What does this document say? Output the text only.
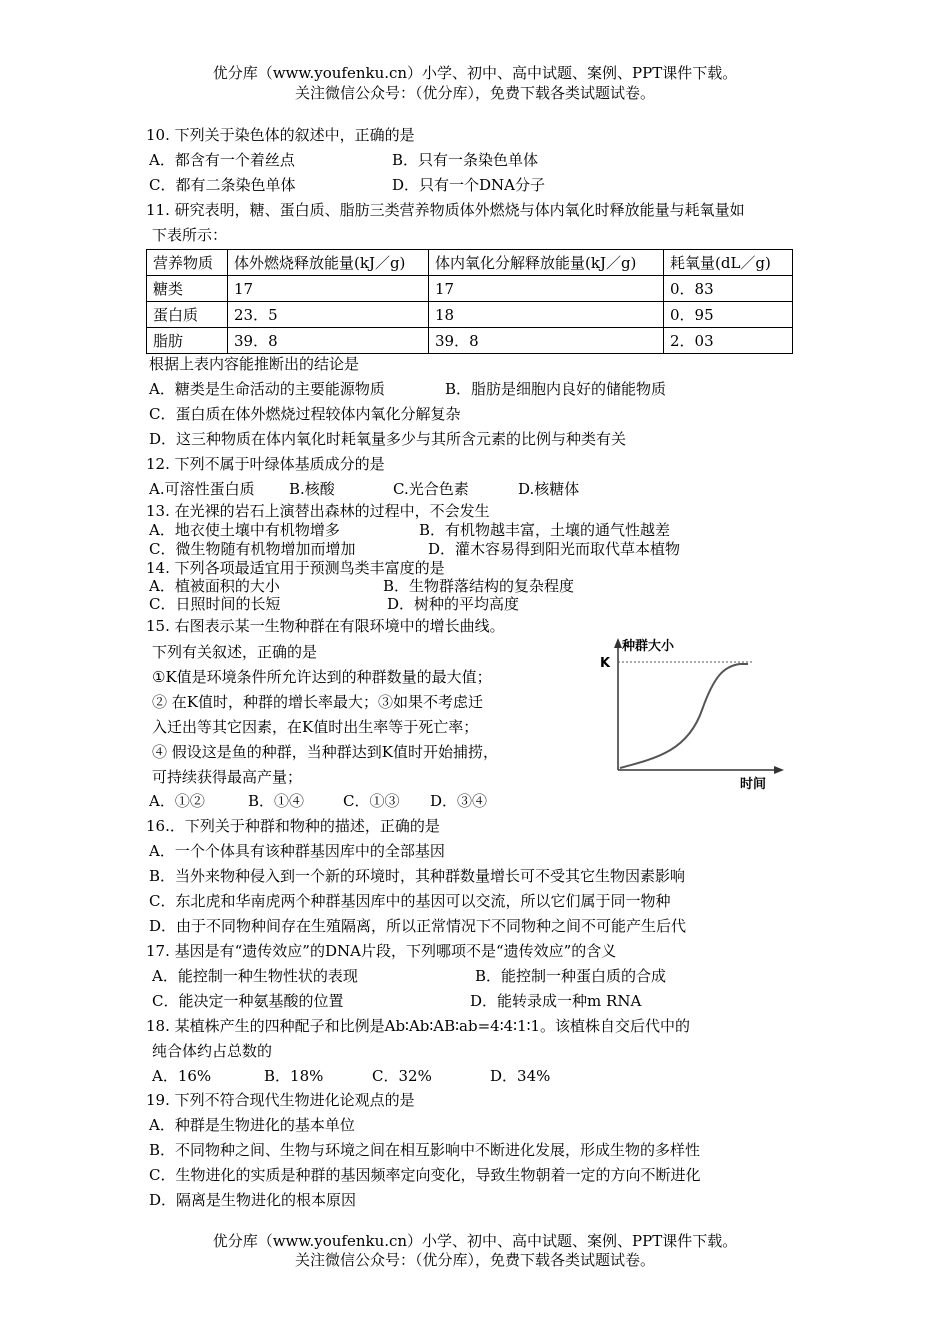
优分库（www.youfenku.cn）小学、初中、高中试题、案例、PPT课件下载。
关注微信公众号：（优分库），免费下载各类试题试卷。
10. 下列关于染色体的叙述中，正确的是
A．都含有一个着丝点	B．只有一条染色单体
C．都有二条染色单体	D．只有一个DNA分子
11. 研究表明，糖、蛋白质、脂肪三类营养物质体外燃烧与体内氧化时释放能量与耗氧量如
下表所示：
营养物质	体外燃烧释放能量(kJ／g)	体内氧化分解释放能量(kJ／g)	耗氧量(dL／g)
糖类	17	17	0．83
蛋白质	23．5	18	0．95
脂肪	39．8	39．8	2．03
根据上表内容能推断出的结论是
A．糖类是生命活动的主要能源物质	B．脂肪是细胞内良好的储能物质
C．蛋白质在体外燃烧过程较体内氧化分解复杂
D．这三种物质在体内氧化时耗氧量多少与其所含元素的比例与种类有关
12. 下列不属于叶绿体基质成分的是
A.可溶性蛋白质 B.核酸	C.光合色素	D.核糖体
13. 在光裸的岩石上演替出森林的过程中，不会发生
A．地衣使土壤中有机物增多	B．有机物越丰富，土壤的通气性越差
C．微生物随有机物增加而增加	D．灌木容易得到阳光而取代草本植物
14. 下列各项最适宜用于预测鸟类丰富度的是
A．植被面积的大小	B．生物群落结构的复杂程度
C．日照时间的长短	D．树种的平均高度
15. 右图表示某一生物种群在有限环境中的增长曲线。
下列有关叙述，正确的是
①K值是环境条件所允许达到的种群数量的最大值；
② 在K值时，种群的增长率最大；③如果不考虑迁
入迁出等其它因素，在K值时出生率等于死亡率；
④ 假设这是鱼的种群，当种群达到K值时开始捕捞，
可持续获得最高产量；
A．①②	B．①④	C．①③ D．③④
种群大小
K
时间
16.．下列关于种群和物种的描述，正确的是
A．一个个体具有该种群基因库中的全部基因
B．当外来物种侵入到一个新的环境时，其种群数量增长可不受其它生物因素影响
C．东北虎和华南虎两个种群基因库中的基因可以交流，所以它们属于同一物种
D．由于不同物种间存在生殖隔离，所以正常情况下不同物种之间不可能产生后代
17. 基因是有“遗传效应”的DNA片段，下列哪项不是“遗传效应”的含义
A．能控制一种生物性状的表现	B．能控制一种蛋白质的合成
C．能决定一种氨基酸的位置	D．能转录成一种m RNA
18. 某植株产生的四种配子和比例是Ab∶Ab∶AB∶ab=4∶4∶1∶1。该植株自交后代中的
纯合体约占总数的
A．16%	B．18%	C．32%	D．34%
19. 下列不符合现代生物进化论观点的是
A．种群是生物进化的基本单位
B．不同物种之间、生物与环境之间在相互影响中不断进化发展，形成生物的多样性
C．生物进化的实质是种群的基因频率定向变化，导致生物朝着一定的方向不断进化
D．隔离是生物进化的根本原因
优分库（www.youfenku.cn）小学、初中、高中试题、案例、PPT课件下载。
关注微信公众号：（优分库），免费下载各类试题试卷。
